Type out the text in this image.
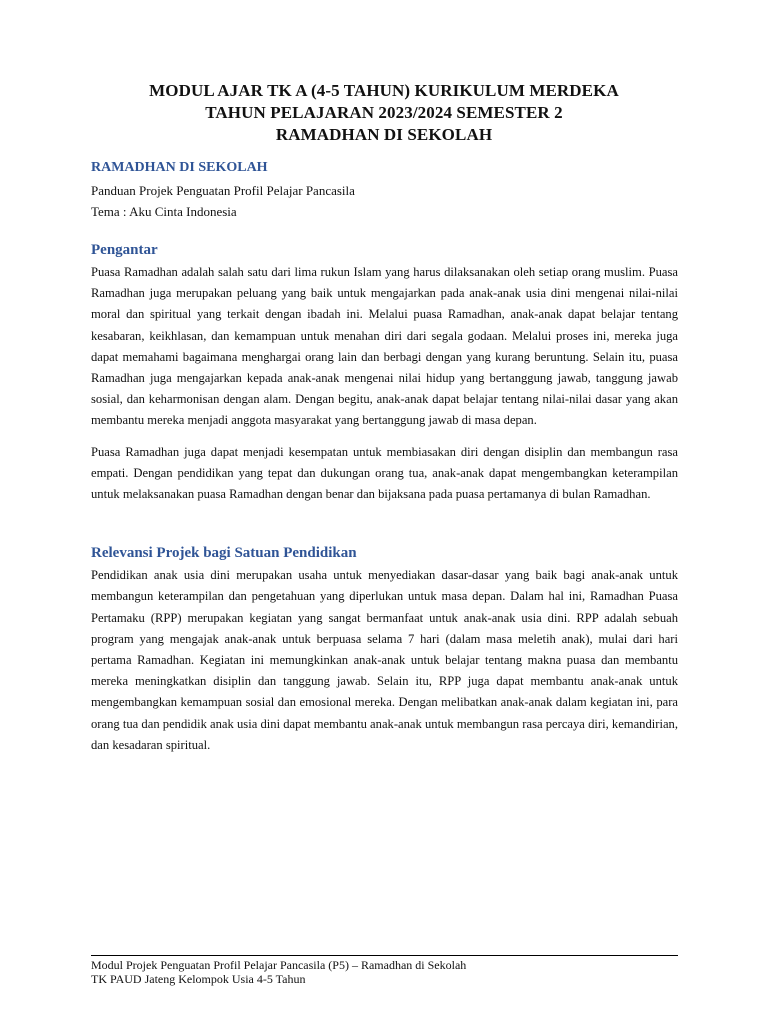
MODUL AJAR TK A (4-5 TAHUN) KURIKULUM MERDEKA

TAHUN PELAJARAN 2023/2024 SEMESTER 2

RAMADHAN DI SEKOLAH

RAMADHAN DI SEKOLAH

Panduan Projek Penguatan Profil Pelajar Pancasila

Tema : Aku Cinta Indonesia

Pengantar

Puasa Ramadhan adalah salah satu dari lima rukun Islam yang harus dilaksanakan oleh setiap orang muslim. Puasa Ramadhan juga merupakan peluang yang baik untuk mengajarkan pada anak-anak usia dini mengenai nilai-nilai moral dan spiritual yang terkait dengan ibadah ini. Melalui puasa Ramadhan, anak-anak dapat belajar tentang kesabaran, keikhlasan, dan kemampuan untuk menahan diri dari segala godaan. Melalui proses ini, mereka juga dapat memahami bagaimana menghargai orang lain dan berbagi dengan yang kurang beruntung. Selain itu, puasa Ramadhan juga mengajarkan kepada anak-anak mengenai nilai hidup yang bertanggung jawab, tanggung jawab sosial, dan keharmonisan dengan alam. Dengan begitu, anak-anak dapat belajar tentang nilai-nilai dasar yang akan membantu mereka menjadi anggota masyarakat yang bertanggung jawab di masa depan.

Puasa Ramadhan juga dapat menjadi kesempatan untuk membiasakan diri dengan disiplin dan membangun rasa empati. Dengan pendidikan yang tepat dan dukungan orang tua, anak-anak dapat mengembangkan keterampilan untuk melaksanakan puasa Ramadhan dengan benar dan bijaksana pada puasa pertamanya di bulan Ramadhan.

Relevansi Projek bagi Satuan Pendidikan

Pendidikan anak usia dini merupakan usaha untuk menyediakan dasar-dasar yang baik bagi anak-anak untuk membangun keterampilan dan pengetahuan yang diperlukan untuk masa depan. Dalam hal ini, Ramadhan Puasa Pertamaku (RPP) merupakan kegiatan yang sangat bermanfaat untuk anak-anak usia dini. RPP adalah sebuah program yang mengajak anak-anak untuk berpuasa selama 7 hari (dalam masa meletih anak), mulai dari hari pertama Ramadhan. Kegiatan ini memungkinkan anak-anak untuk belajar tentang makna puasa dan membantu mereka meningkatkan disiplin dan tanggung jawab. Selain itu, RPP juga dapat membantu anak-anak untuk mengembangkan kemampuan sosial dan emosional mereka. Dengan melibatkan anak-anak dalam kegiatan ini, para orang tua dan pendidik anak usia dini dapat membantu anak-anak untuk membangun rasa percaya diri, kemandirian, dan kesadaran spiritual.

Modul Projek Penguatan Profil Pelajar Pancasila (P5) – Ramadhan di Sekolah

TK PAUD Jateng Kelompok Usia 4-5 Tahun
